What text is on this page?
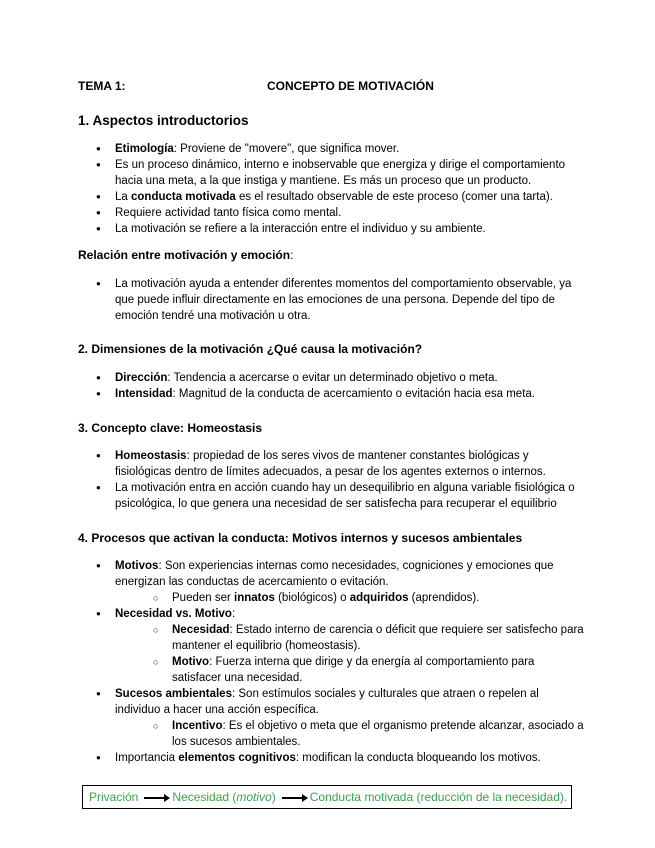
TEMA 1:	CONCEPTO DE MOTIVACIÓN
1. Aspectos introductorios
● Etimología: Proviene de "movere", que significa mover.
● Es un proceso dinámico, interno e inobservable que energiza y dirige el comportamiento hacia una meta, a la que instiga y mantiene. Es más un proceso que un producto.
● La conducta motivada es el resultado observable de este proceso (comer una tarta).
● Requiere actividad tanto física como mental.
● La motivación se refiere a la interacción entre el individuo y su ambiente.
Relación entre motivación y emoción:
● La motivación ayuda a entender diferentes momentos del comportamiento observable, ya que puede influir directamente en las emociones de una persona. Depende del tipo de emoción tendré una motivación u otra.
2. Dimensiones de la motivación ¿Qué causa la motivación?
● Dirección: Tendencia a acercarse o evitar un determinado objetivo o meta.
● Intensidad: Magnitud de la conducta de acercamiento o evitación hacia esa meta.
3. Concepto clave: Homeostasis
● Homeostasis: propiedad de los seres vivos de mantener constantes biológicas y fisiológicas dentro de límites adecuados, a pesar de los agentes externos o internos.
● La motivación entra en acción cuando hay un desequilibrio en alguna variable fisiológica o psicológica, lo que genera una necesidad de ser satisfecha para recuperar el equilibrio
4. Procesos que activan la conducta: Motivos internos y sucesos ambientales
● Motivos: Son experiencias internas como necesidades, cogniciones y emociones que energizan las conductas de acercamiento o evitación.
○ Pueden ser innatos (biológicos) o adquiridos (aprendidos).
● Necesidad vs. Motivo:
○ Necesidad: Estado interno de carencia o déficit que requiere ser satisfecho para mantener el equilibrio (homeostasis).
○ Motivo: Fuerza interna que dirige y da energía al comportamiento para satisfacer una necesidad.
● Sucesos ambientales: Son estímulos sociales y culturales que atraen o repelen al individuo a hacer una acción específica.
○ Incentivo: Es el objetivo o meta que el organismo pretende alcanzar, asociado a los sucesos ambientales.
● Importancia elementos cognitivos: modifican la conducta bloqueando los motivos.
Privación	Necesidad (motivo)	Conducta motivada (reducción de la necesidad).
